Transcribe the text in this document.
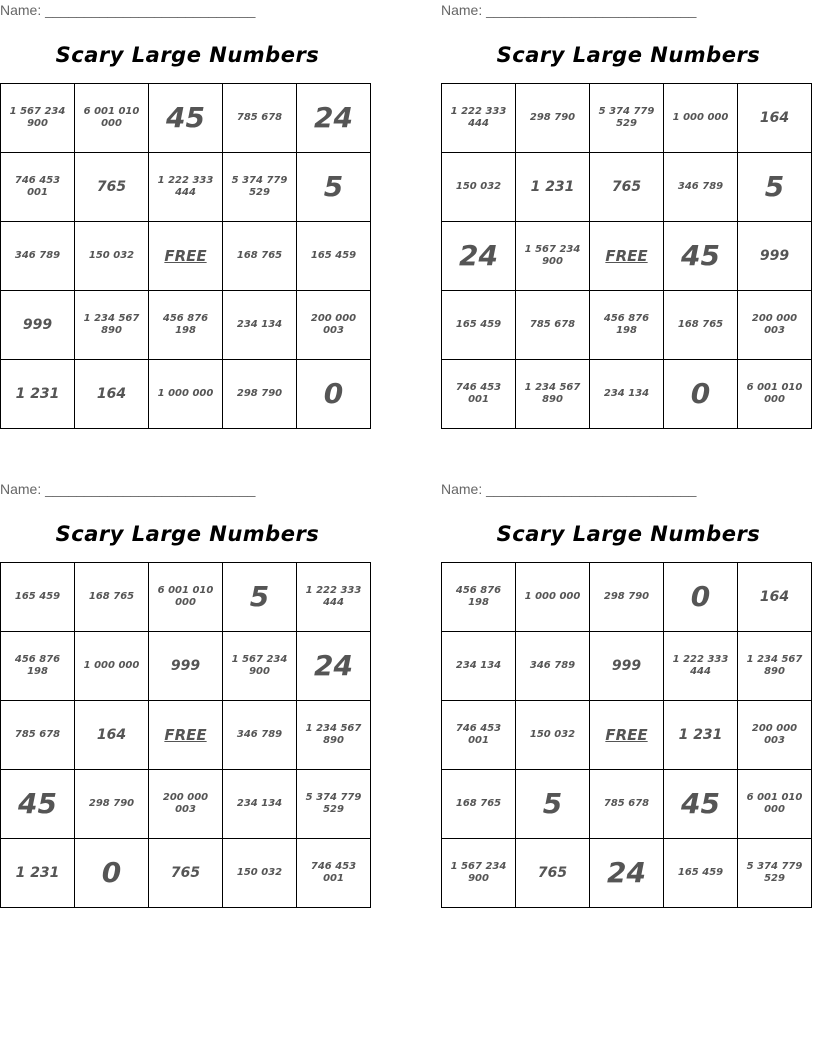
Name: ___________________________
Scary Large Numbers
1 567 234 900	6 001 010 000	45	785 678	24
746 453 001	765	1 222 333 444	5 374 779 529	5
346 789	150 032	FREE	168 765	165 459
999	1 234 567 890	456 876 198	234 134	200 000 003
1 231	164	1 000 000	298 790	0
Name: ___________________________
Scary Large Numbers
1 222 333 444	298 790	5 374 779 529	1 000 000	164
150 032	1 231	765	346 789	5
24	1 567 234 900	FREE	45	999
165 459	785 678	456 876 198	168 765	200 000 003
746 453 001	1 234 567 890	234 134	0	6 001 010 000
Name: ___________________________
Scary Large Numbers
165 459	168 765	6 001 010 000	5	1 222 333 444
456 876 198	1 000 000	999	1 567 234 900	24
785 678	164	FREE	346 789	1 234 567 890
45	298 790	200 000 003	234 134	5 374 779 529
1 231	0	765	150 032	746 453 001
Name: ___________________________
Scary Large Numbers
456 876 198	1 000 000	298 790	0	164
234 134	346 789	999	1 222 333 444	1 234 567 890
746 453 001	150 032	FREE	1 231	200 000 003
168 765	5	785 678	45	6 001 010 000
1 567 234 900	765	24	165 459	5 374 779 529
